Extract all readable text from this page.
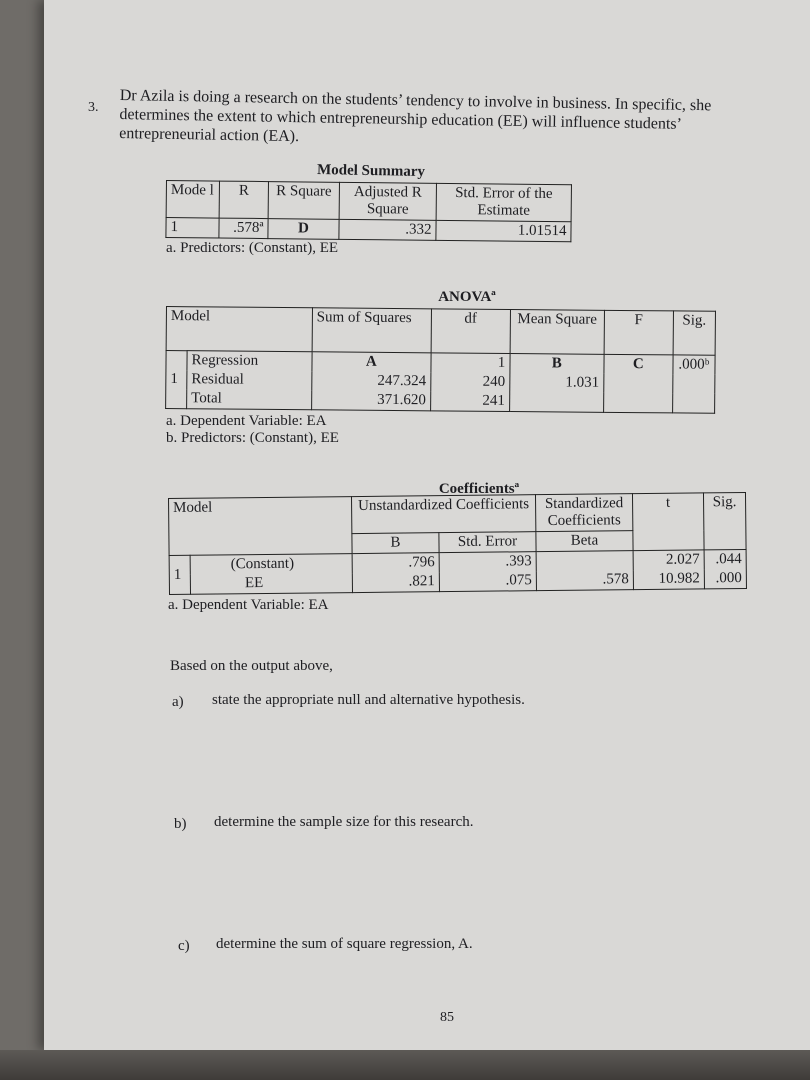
3. Dr Azila is doing a research on the students’ tendency to involve in business. In specific, she determines the extent to which entrepreneurship education (EE) will influence students’ entrepreneurial action (EA).
Model Summary
Mode l	R	R Square	Adjusted R Square	Std. Error of the Estimate
1	.578ª	D	.332	1.01514
a. Predictors: (Constant), EE
ANOVAª
Model		Sum of Squares	df	Mean Square	F	Sig.
1	Regression	A	1	B	C	.000ᵇ
	Residual	247.324	240	1.031		
	Total	371.620	241			
a. Dependent Variable: EA
b. Predictors: (Constant), EE
Coefficientsª
Model		Unstandardized Coefficients		Standardized Coefficients	t	Sig.
		B	Std. Error	Beta		
1	(Constant)	.796	.393		2.027	.044
	EE	.821	.075	.578	10.982	.000
a. Dependent Variable: EA
Based on the output above,
a) state the appropriate null and alternative hypothesis.
b) determine the sample size for this research.
c) determine the sum of square regression, A.
85
